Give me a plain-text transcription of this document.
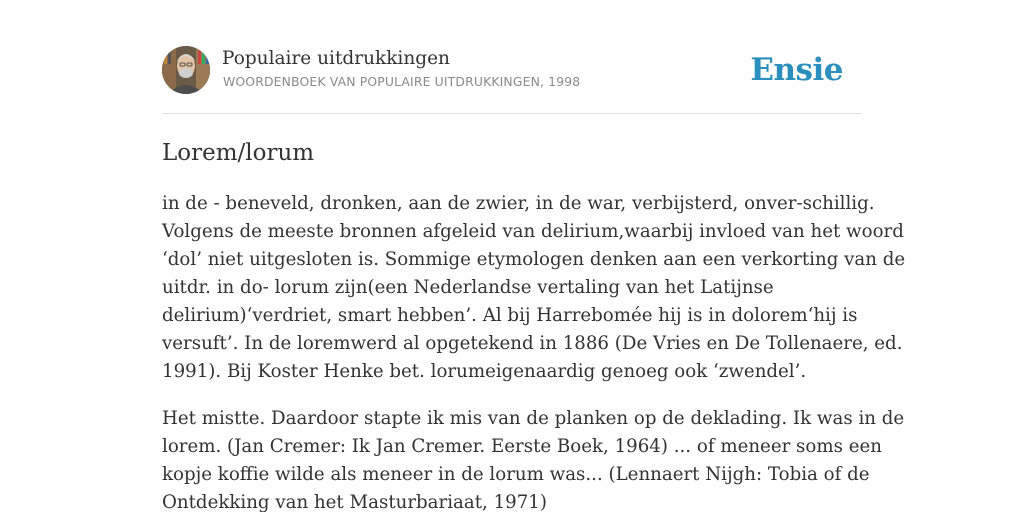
Populaire uitdrukkingen
WOORDENBOEK VAN POPULAIRE UITDRUKKINGEN, 1998	Ensie
Lorem/lorum

in de - beneveld, dronken, aan de zwier, in de war, verbijsterd, onver-schillig.
Volgens de meeste bronnen afgeleid van delirium,waarbij invloed van het woord
‘dol’ niet uitgesloten is. Sommige etymologen denken aan een verkorting van de
uitdr. in do- lorum zijn(een Nederlandse vertaling van het Latijnse
delirium)‘verdriet, smart hebben’. Al bij Harrebomée hij is in dolorem‘hij is
versuft’. In de loremwerd al opgetekend in 1886 (De Vries en De Tollenaere, ed.
1991). Bij Koster Henke bet. lorumeigenaardig genoeg ook ‘zwendel’.

Het mistte. Daardoor stapte ik mis van de planken op de deklading. Ik was in de
lorem. (Jan Cremer: Ik Jan Cremer. Eerste Boek, 1964) ... of meneer soms een
kopje koffie wilde als meneer in de lorum was... (Lennaert Nijgh: Tobia of de
Ontdekking van het Masturbariaat, 1971)
